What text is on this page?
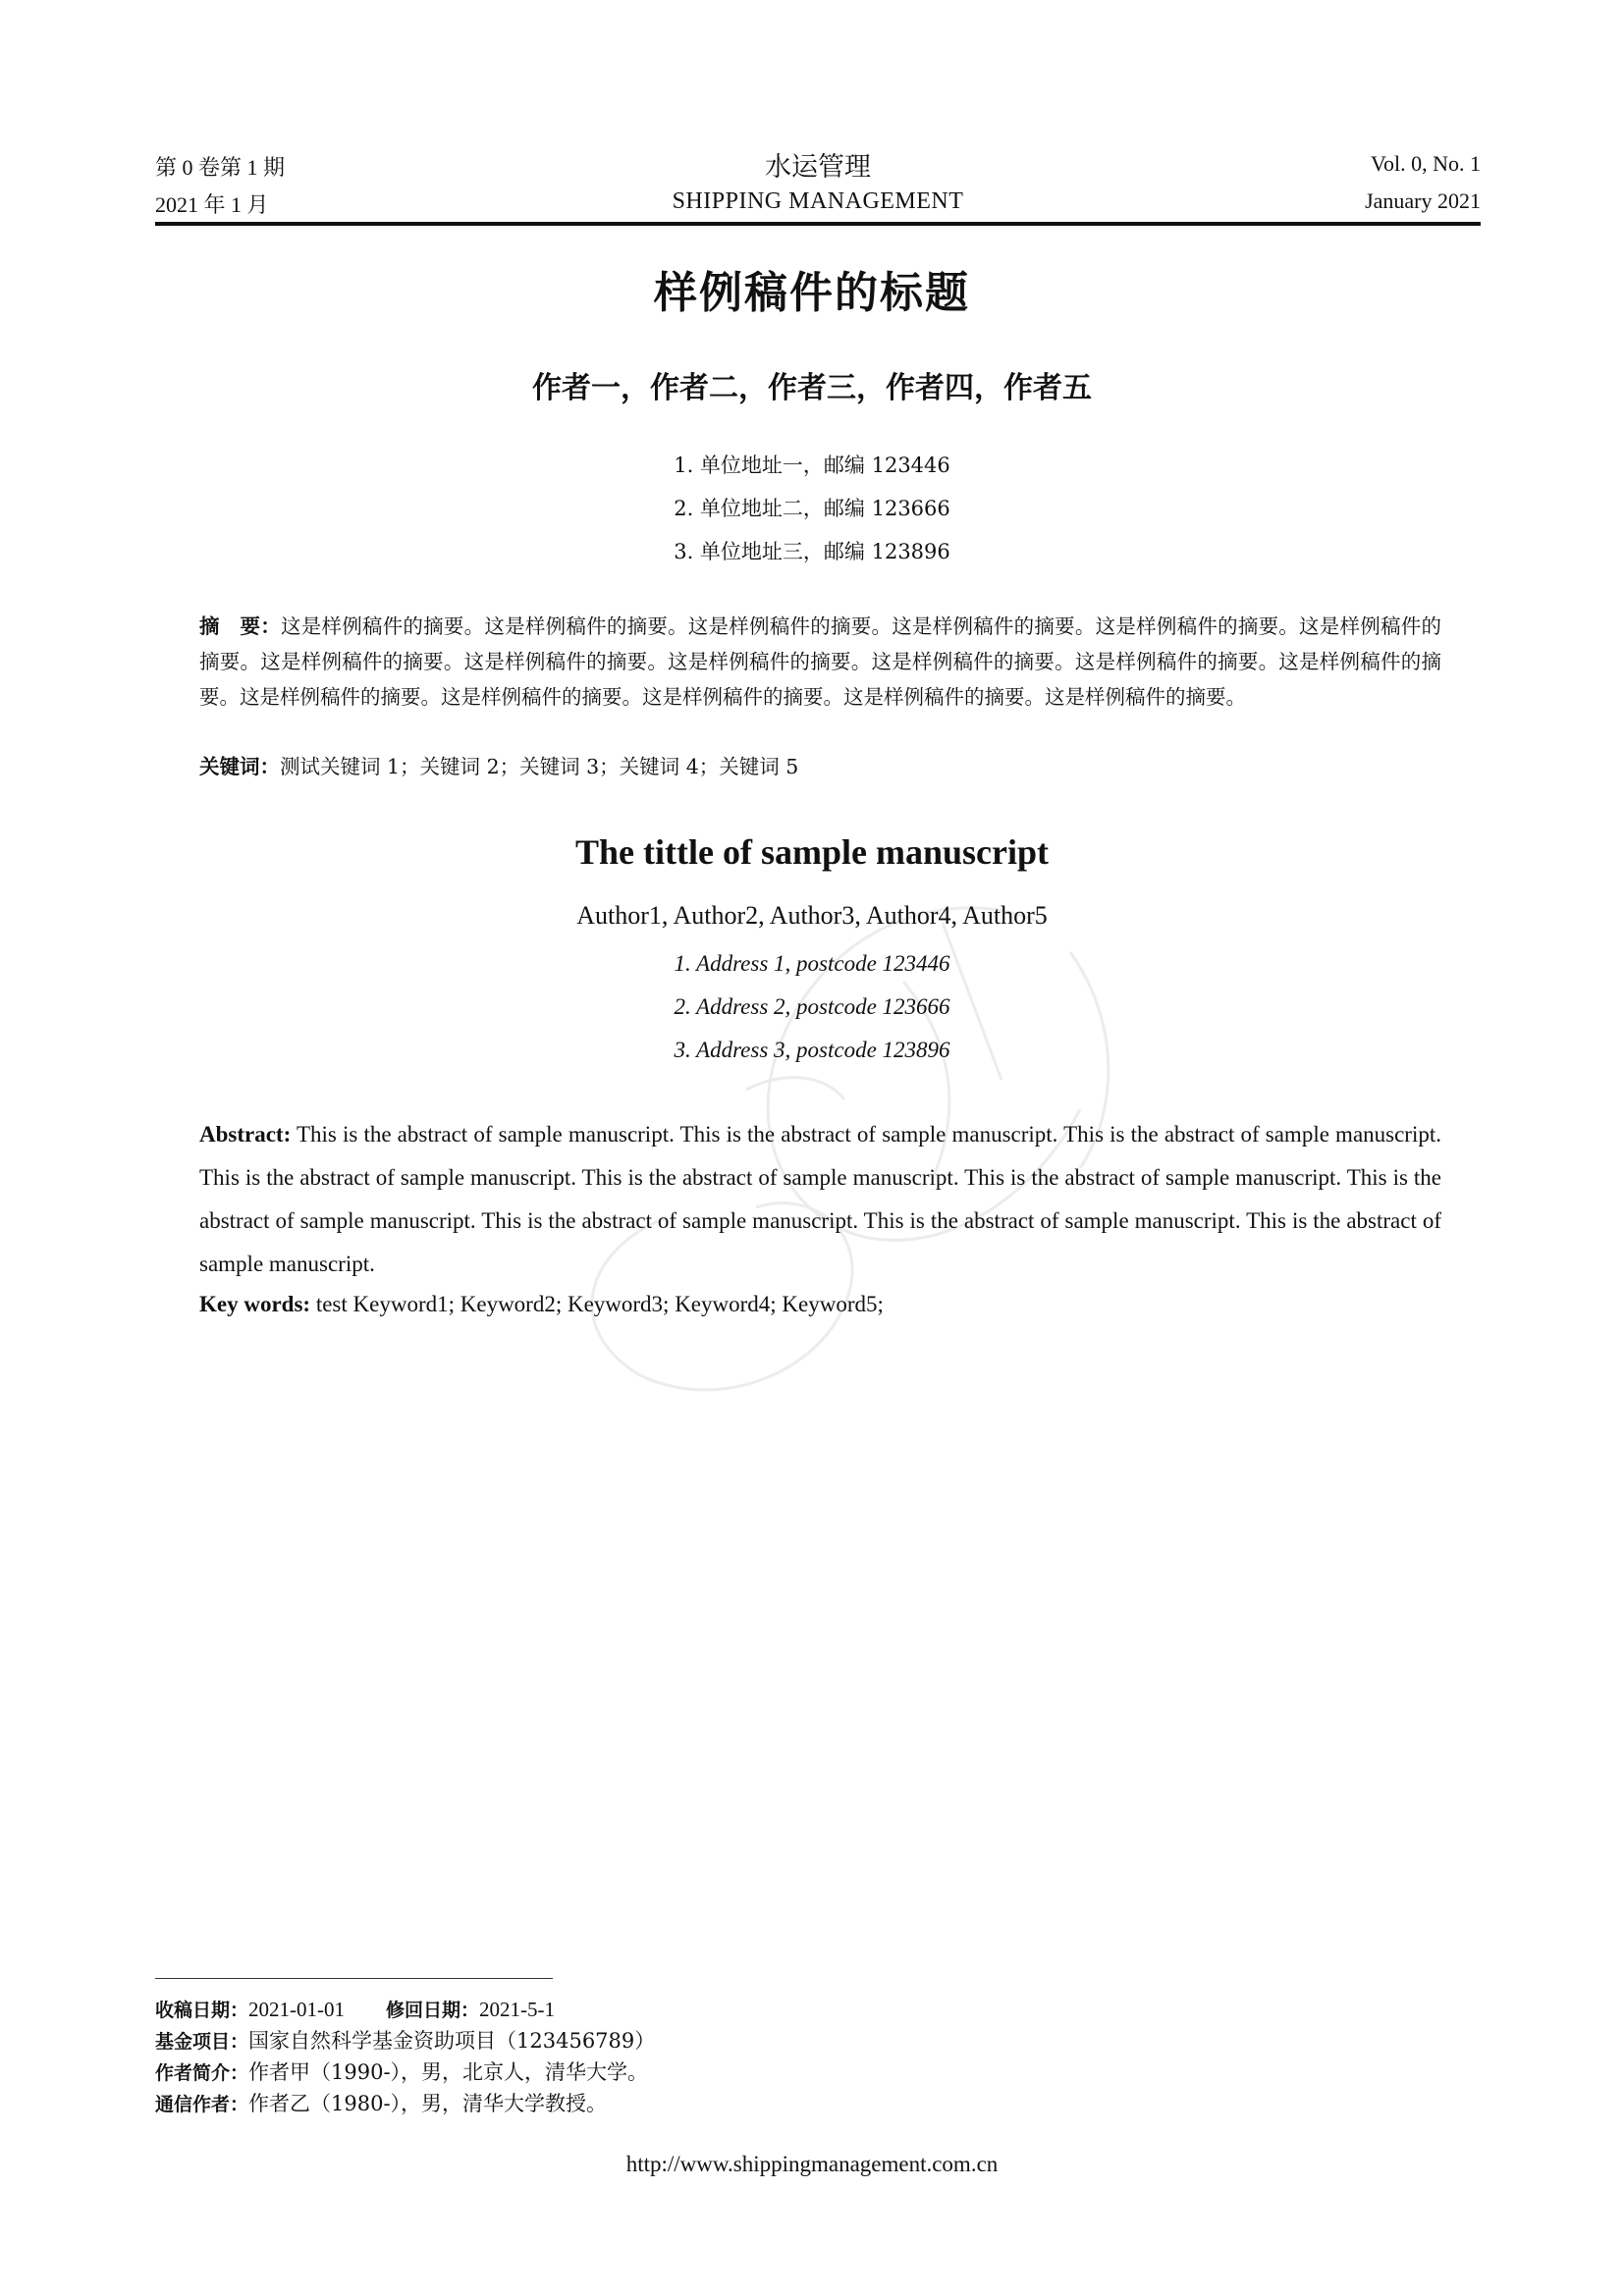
第 0 卷第 1 期
2021 年 1 月
水运管理
SHIPPING MANAGEMENT
Vol. 0, No. 1
January 2021
样例稿件的标题
作者一，作者二，作者三，作者四，作者五
1. 单位地址一，邮编 123446
2. 单位地址二，邮编 123666
3. 单位地址三，邮编 123896
摘　要：这是样例稿件的摘要。这是样例稿件的摘要。这是样例稿件的摘要。这是样例稿件的摘要。这是样例稿件的摘要。这是样例稿件的摘要。这是样例稿件的摘要。这是样例稿件的摘要。这是样例稿件的摘要。这是样例稿件的摘要。这是样例稿件的摘要。这是样例稿件的摘要。这是样例稿件的摘要。这是样例稿件的摘要。这是样例稿件的摘要。这是样例稿件的摘要。这是样例稿件的摘要。
关键词：测试关键词 1；关键词 2；关键词 3；关键词 4；关键词 5
The tittle of sample manuscript
Author1, Author2, Author3, Author4, Author5
1. Address 1, postcode 123446
2. Address 2, postcode 123666
3. Address 3, postcode 123896
Abstract: This is the abstract of sample manuscript. This is the abstract of sample manuscript. This is the abstract of sample manuscript. This is the abstract of sample manuscript. This is the abstract of sample manuscript. This is the abstract of sample manuscript. This is the abstract of sample manuscript. This is the abstract of sample manuscript. This is the abstract of sample manuscript. This is the abstract of sample manuscript.
Key words: test Keyword1; Keyword2; Keyword3; Keyword4; Keyword5;
收稿日期：2021-01-01 修回日期：2021-5-1
基金项目：国家自然科学基金资助项目（123456789）
作者简介：作者甲（1990-），男，北京人，清华大学。
通信作者：作者乙（1980-），男，清华大学教授。
http://www.shippingmanagement.com.cn
